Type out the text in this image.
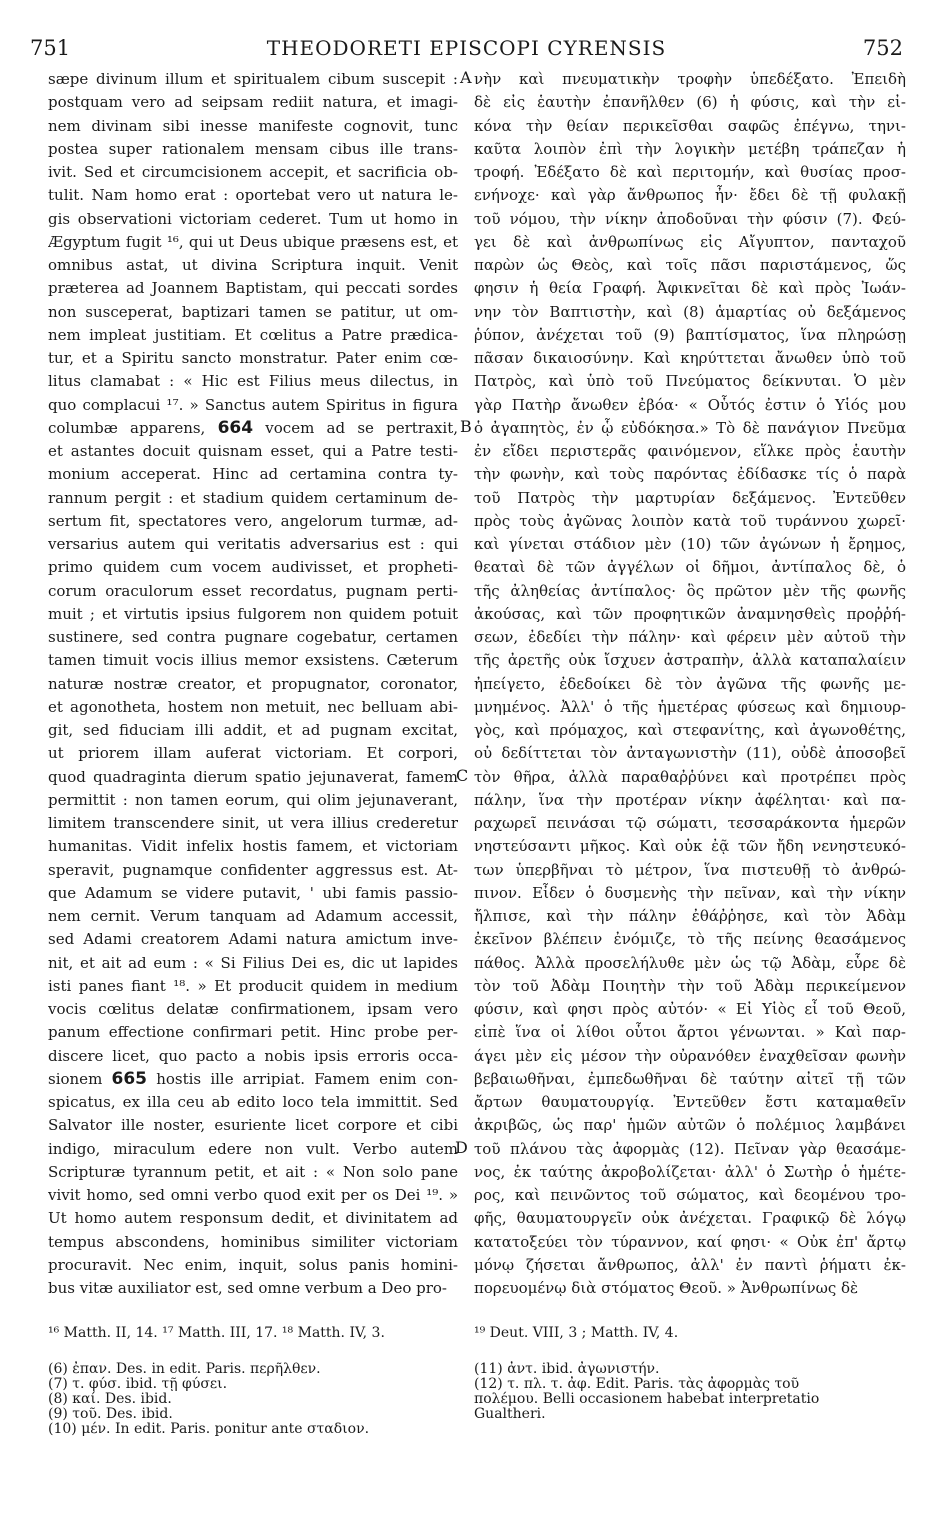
751	THEODORETI EPISCOPI CYRENSIS	752
sæpe divinum illum et spiritualem cibum suscepit :
postquam vero ad seipsam rediit natura, et imagi-
nem divinam sibi inesse manifeste cognovit, tunc
postea super rationalem mensam cibus ille trans-
ivit. Sed et circumcisionem accepit, et sacrificia ob-
tulit. Nam homo erat : oportebat vero ut natura le-
gis observationi victoriam cederet. Tum ut homo in
Ægyptum fugit ¹⁶, qui ut Deus ubique præsens est, et
omnibus astat, ut divina Scriptura inquit. Venit
præterea ad Joannem Baptistam, qui peccati sordes
non susceperat, baptizari tamen se patitur, ut om-
nem impleat justitiam. Et cœlitus a Patre prædica-
tur, et a Spiritu sancto monstratur. Pater enim cœ-
litus clamabat : « Hic est Filius meus dilectus, in
quo complacui ¹⁷. » Sanctus autem Spiritus in figura
columbæ apparens, 664 vocem ad se pertraxit,
et astantes docuit quisnam esset, qui a Patre testi-
monium acceperat. Hinc ad certamina contra ty-
rannum pergit : et stadium quidem certaminum de-
sertum fit, spectatores vero, angelorum turmæ, ad-
versarius autem qui veritatis adversarius est : qui
primo quidem cum vocem audivisset, et propheti-
corum oraculorum esset recordatus, pugnam perti-
muit ; et virtutis ipsius fulgorem non quidem potuit
sustinere, sed contra pugnare cogebatur, certamen
tamen timuit vocis illius memor exsistens. Cæterum
naturæ nostræ creator, et propugnator, coronator,
et agonotheta, hostem non metuit, nec belluam abi-
git, sed fiduciam illi addit, et ad pugnam excitat,
ut priorem illam auferat victoriam. Et corpori,
quod quadraginta dierum spatio jejunaverat, famem
permittit : non tamen eorum, qui olim jejunaverant,
limitem transcendere sinit, ut vera illius crederetur
humanitas. Vidit infelix hostis famem, et victoriam
speravit, pugnamque confidenter aggressus est. At-
que Adamum se videre putavit, ' ubi famis passio-
nem cernit. Verum tanquam ad Adamum accessit,
sed Adami creatorem Adami natura amictum inve-
nit, et ait ad eum : « Si Filius Dei es, dic ut lapides
isti panes fiant ¹⁸. » Et producit quidem in medium
vocis cœlitus delatæ confirmationem, ipsam vero
panum effectione confirmari petit. Hinc probe per-
discere licet, quo pacto a nobis ipsis erroris occa-
sionem 665 hostis ille arripiat. Famem enim con-
spicatus, ex illa ceu ab edito loco tela immittit. Sed
Salvator ille noster, esuriente licet corpore et cibi
indigo, miraculum edere non vult. Verbo autem
Scripturæ tyrannum petit, et ait : « Non solo pane
vivit homo, sed omni verbo quod exit per os Dei ¹⁹. »
Ut homo autem responsum dedit, et divinitatem ad
tempus abscondens, hominibus similiter victoriam
procuravit. Nec enim, inquit, solus panis homini-
bus vitæ auxiliator est, sed omne verbum a Deo pro-
νὴν καὶ πνευματικὴν τροφὴν ὑπεδέξατο. Ἐπειδὴ
δὲ εἰς ἑαυτὴν ἐπανῆλθεν (6) ἡ φύσις, καὶ τὴν εἰ-
κόνα τὴν θείαν περικεῖσθαι σαφῶς ἐπέγνω, τηνι-
καῦτα λοιπὸν ἐπὶ τὴν λογικὴν μετέβη τράπεζαν ἡ
τροφή. Ἐδέξατο δὲ καὶ περιτομήν, καὶ θυσίας προσ-
ενήνοχε· καὶ γὰρ ἄνθρωπος ἦν· ἔδει δὲ τῇ φυλακῇ
τοῦ νόμου, τὴν νίκην ἀποδοῦναι τὴν φύσιν (7). Φεύ-
γει δὲ καὶ ἀνθρωπίνως εἰς Αἴγυπτον, πανταχοῦ
παρὼν ὡς Θεὸς, καὶ τοῖς πᾶσι παριστάμενος, ὥς
φησιν ἡ θεία Γραφή. Ἀφικνεῖται δὲ καὶ πρὸς Ἰωάν-
νην τὸν Βαπτιστὴν, καὶ (8) ἁμαρτίας οὐ δεξάμενος
ῥύπον, ἀνέχεται τοῦ (9) βαπτίσματος, ἵνα πληρώσῃ
πᾶσαν δικαιοσύνην. Καὶ κηρύττεται ἄνωθεν ὑπὸ τοῦ
Πατρὸς, καὶ ὑπὸ τοῦ Πνεύματος δείκνυται. Ὁ μὲν
γὰρ Πατὴρ ἄνωθεν ἐβόα· « Οὗτός ἐστιν ὁ Υἱός μου
ὁ ἀγαπητὸς, ἐν ᾧ εὐδόκησα.» Τὸ δὲ πανάγιον Πνεῦμα
ἐν εἴδει περιστερᾶς φαινόμενον, εἵλκε πρὸς ἑαυτὴν
τὴν φωνὴν, καὶ τοὺς παρόντας ἐδίδασκε τίς ὁ παρὰ
τοῦ Πατρὸς τὴν μαρτυρίαν δεξάμενος. Ἐντεῦθεν
πρὸς τοὺς ἀγῶνας λοιπὸν κατὰ τοῦ τυράννου χωρεῖ·
καὶ γίνεται στάδιον μὲν (10) τῶν ἀγώνων ἡ ἔρημος,
θεαταὶ δὲ τῶν ἀγγέλων οἱ δῆμοι, ἀντίπαλος δὲ, ὁ
τῆς ἀληθείας ἀντίπαλος· ὃς πρῶτον μὲν τῆς φωνῆς
ἀκούσας, καὶ τῶν προφητικῶν ἀναμνησθεὶς προῤῥή-
σεων, ἐδεδίει τὴν πάλην· καὶ φέρειν μὲν αὐτοῦ τὴν
τῆς ἀρετῆς οὐκ ἴσχυεν ἀστραπὴν, ἀλλὰ καταπαλαίειν
ἠπείγετο, ἐδεδοίκει δὲ τὸν ἀγῶνα τῆς φωνῆς με-
μνημένος. Ἀλλ' ὁ τῆς ἡμετέρας φύσεως καὶ δημιουρ-
γὸς, καὶ πρόμαχος, καὶ στεφανίτης, καὶ ἀγωνοθέτης,
οὐ δεδίττεται τὸν ἀνταγωνιστὴν (11), οὐδὲ ἀποσοβεῖ
τὸν θῆρα, ἀλλὰ παραθαῤῥύνει καὶ προτρέπει πρὸς
πάλην, ἵνα τὴν προτέραν νίκην ἀφέληται· καὶ πα-
ραχωρεῖ πεινάσαι τῷ σώματι, τεσσαράκοντα ἡμερῶν
νηστεύσαντι μῆκος. Καὶ οὐκ ἐᾷ τῶν ἤδη νενηστευκό-
των ὑπερβῆναι τὸ μέτρον, ἵνα πιστευθῇ τὸ ἀνθρώ-
πινον. Εἶδεν ὁ δυσμενὴς τὴν πεῖναν, καὶ τὴν νίκην
ἤλπισε, καὶ τὴν πάλην ἐθάῤῥησε, καὶ τὸν Ἀδὰμ
ἐκεῖνον βλέπειν ἐνόμιζε, τὸ τῆς πείνης θεασάμενος
πάθος. Ἀλλὰ προσελήλυθε μὲν ὡς τῷ Ἀδὰμ, εὗρε δὲ
τὸν τοῦ Ἀδὰμ Ποιητὴν τὴν τοῦ Ἀδὰμ περικείμενον
φύσιν, καὶ φησι πρὸς αὐτόν· « Εἰ Υἱὸς εἶ τοῦ Θεοῦ,
εἰπὲ ἵνα οἱ λίθοι οὗτοι ἄρτοι γένωνται. » Καὶ παρ-
άγει μὲν εἰς μέσον τὴν οὐρανόθεν ἐναχθεῖσαν φωνὴν
βεβαιωθῆναι, ἐμπεδωθῆναι δὲ ταύτην αἰτεῖ τῇ τῶν
ἄρτων θαυματουργίᾳ. Ἐντεῦθεν ἔστι καταμαθεῖν
ἀκριβῶς, ὡς παρ' ἡμῶν αὐτῶν ὁ πολέμιος λαμβάνει
τοῦ πλάνου τὰς ἀφορμὰς (12). Πεῖναν γὰρ θεασάμε-
νος, ἐκ ταύτης ἀκροβολίζεται· ἀλλ' ὁ Σωτὴρ ὁ ἡμέτε-
ρος, καὶ πεινῶντος τοῦ σώματος, καὶ δεομένου τρο-
φῆς, θαυματουργεῖν οὐκ ἀνέχεται. Γραφικῷ δὲ λόγῳ
κατατοξεύει τὸν τύραννον, καί φησι· « Οὐκ ἐπ' ἄρτῳ
μόνῳ ζήσεται ἄνθρωπος, ἀλλ' ἐν παντὶ ῥήματι ἐκ-
πορευομένῳ διὰ στόματος Θεοῦ. » Ἀνθρωπίνως δὲ
A
B
C
D
¹⁶ Matth. II, 14. ¹⁷ Matth. III, 17. ¹⁸ Matth. IV, 3.	¹⁹ Deut. VIII, 3 ; Matth. IV, 4.
(6) ἐπαν. Des. in edit. Paris. περῆλθεν.
(7) τ. φύσ. ibid. τῇ φύσει.
(8) καί. Des. ibid.
(9) τοῦ. Des. ibid.
(10) μέν. In edit. Paris. ponitur ante σταδιον.
(11) ἀντ. ibid. ἀγωνιστήν.
(12) τ. πλ. τ. ἀφ. Edit. Paris. τὰς ἀφορμὰς τοῦ
πολέμου. Belli occasionem habebat interpretatio
Gualtheri.
